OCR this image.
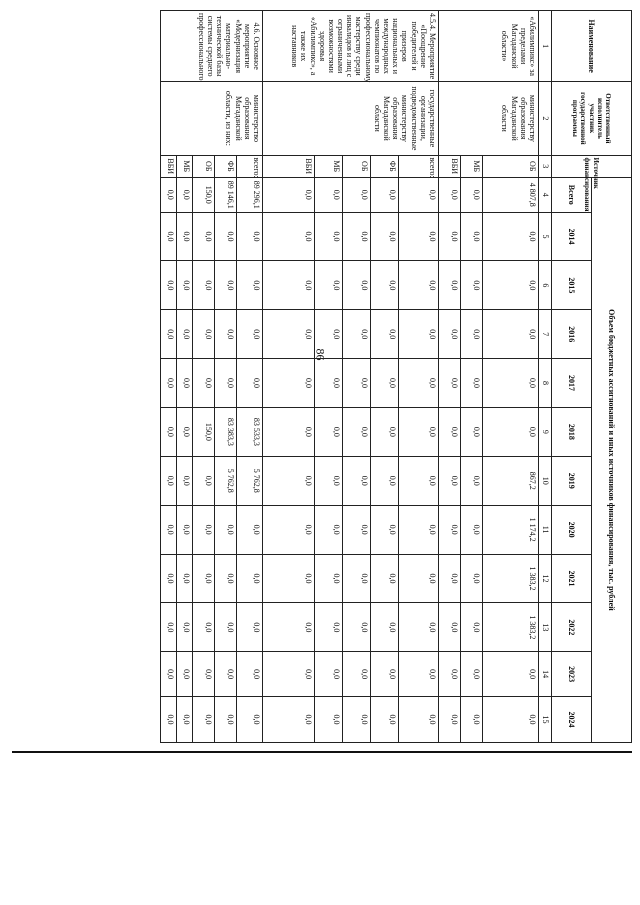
86
Наименование	Ответственный исполнитель участник государственной программы	Источник финансирования	Объем бюджетных ассигнований и иных источников финансирования, тыс. рублей											
			Всего	2014	2015	2016	2017	2018	2019	2020	2021	2022	2023	2024
1	2	3	4	5	6	7	8	9	10	11	12	13	14	15
«Абилимпикс» за пределами Магаданской области»	министерству образования Магаданской области	ОБ	4 807,8	0,0	0,0	0,0	0,0	0,0	867,2	1 174,2	1 383,2	1 383,2	0,0	0,0
		МБ	0,0	0,0	0,0	0,0	0,0	0,0	0,0	0,0	0,0	0,0	0,0	0,0
		ВБИ	0,0	0,0	0,0	0,0	0,0	0,0	0,0	0,0	0,0	0,0	0,0	0,0
4.5.4. Мероприятие «Поощрение победителей и призеров национальных и международных чемпионатов по профессиональному мастерству среди инвалидов и лиц с ограниченными возможностями здоровья «Абилимпикс», а также их наставников	государственные организации, подведомственные министерству образования Магаданской области	всего:	0,0	0,0	0,0	0,0	0,0	0,0	0,0	0,0	0,0	0,0	0,0	0,0
		ФБ	0,0	0,0	0,0	0,0	0,0	0,0	0,0	0,0	0,0	0,0	0,0	0,0
		ОБ	0,0	0,0	0,0	0,0	0,0	0,0	0,0	0,0	0,0	0,0	0,0	0,0
		МБ	0,0	0,0	0,0	0,0	0,0	0,0	0,0	0,0	0,0	0,0	0,0	0,0
		ВБИ	0,0	0,0	0,0	0,0	0,0	0,0	0,0	0,0	0,0	0,0	0,0	0,0
4.6. Основное мероприятие «Модернизация материально-технической базы системы среднего профессионального	министерство образования Магаданской области, из них:	всего:	89 296,1	0,0	0,0	0,0	0,0	83 533,3	5 762,8	0,0	0,0	0,0	0,0	0,0
		ФБ	89 146,1	0,0	0,0	0,0	0,0	83 383,3	5 762,8	0,0	0,0	0,0	0,0	0,0
		ОБ	150,0	0,0	0,0	0,0	0,0	150,0	0,0	0,0	0,0	0,0	0,0	0,0
		МБ	0,0	0,0	0,0	0,0	0,0	0,0	0,0	0,0	0,0	0,0	0,0	0,0
		ВБИ	0,0	0,0	0,0	0,0	0,0	0,0	0,0	0,0	0,0	0,0	0,0	0,0
